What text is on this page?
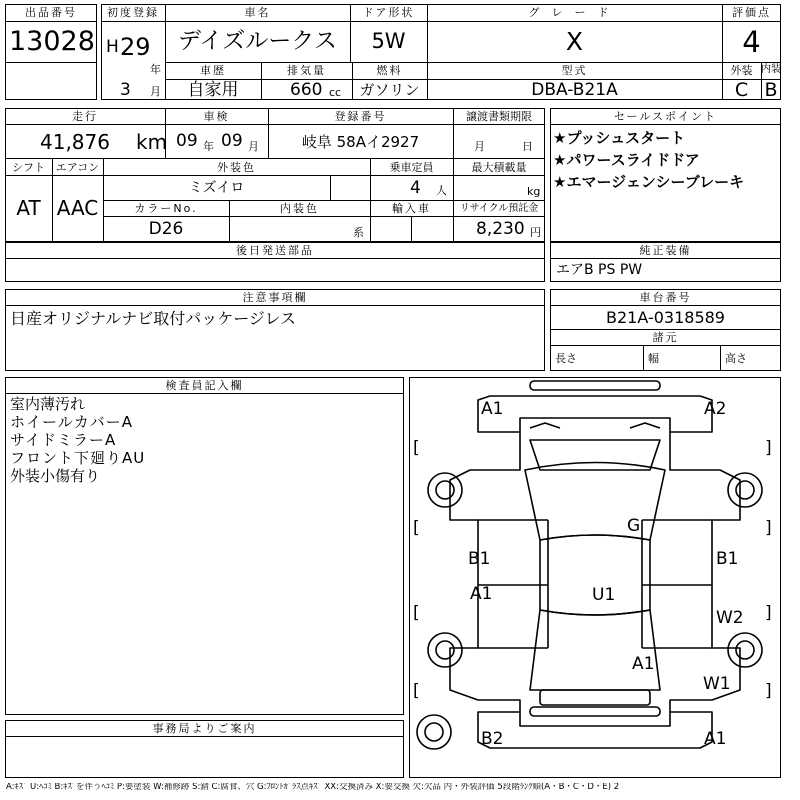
出品番号
13028
初度登録
H 29
年
3 月
車名
デイズルークス
ドア形状
5W
グレード
X
評価点
4
車歴
自家用
排気量
660 cc
燃料
ガソリン
型式
DBA-B21A
外装 内装
C B
走行
41,876 km
車検
09 年 09 月
登録番号
岐阜 58Aイ2927
譲渡書類期限
月	日
シフト
AT
エアコン
AAC
外装色
ミズイロ
乗車定員
4 人
最大積載量
kg
カラーNo.
D26
内装色
系
輸入車	リサイクル預託金
8,230 円
後日発送部品
セールスポイント
★プッシュスタート
★パワースライドドア
★エマージェンシーブレーキ
純正装備
エアB PS PW
注意事項欄
日産オリジナルナビ取付パッケージレス
車台番号
B21A-0318589
諸元
長さ	幅	高さ
検査員記入欄
室内薄汚れ
ホイールカバーA
サイドミラーA
フロント下廻りAU
外装小傷有り
事務局よりご案内
A1	A2
G
B1	B1
A1	U1
W2
A1
W1
B2	A1
[	]
[	]
[	]
[	]
A:ｷｽﾞ U:ﾍｺﾐ B:ｷｽﾞを伴うﾍｺﾐ P:要塗装 W:補修跡 S:錆 C:腐食、穴 G:ﾌﾛﾝﾄｶﾞﾗｽ点ｷｽﾞ XX:交換済み X:要交換 欠:欠品 内・外装評価 5段階ﾗﾝｸ順(A・B・C・D・E) 2
